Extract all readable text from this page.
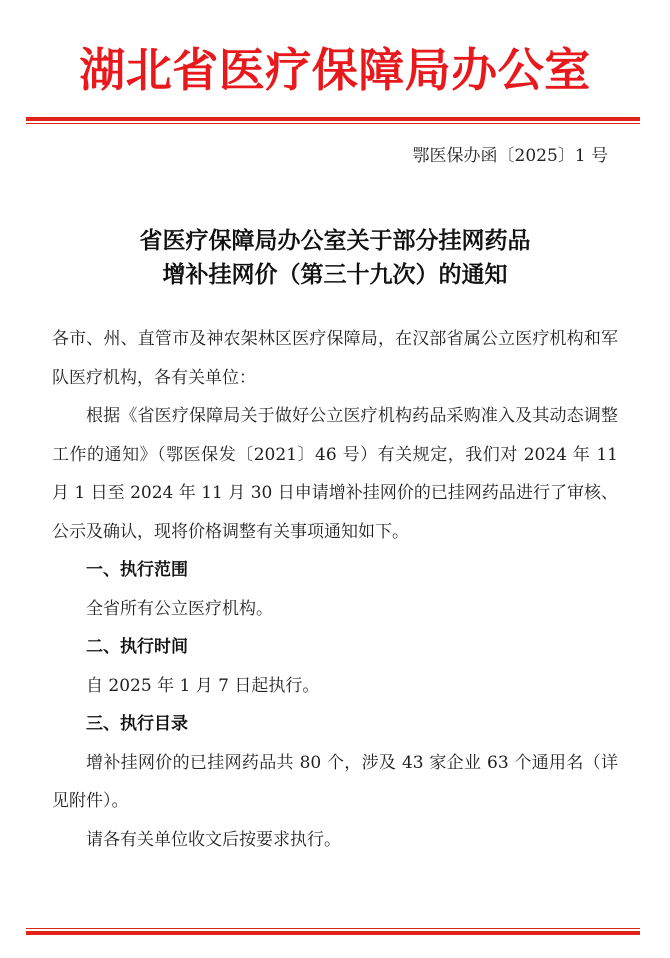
湖北省医疗保障局办公室
鄂医保办函〔2025〕1 号
省医疗保障局办公室关于部分挂网药品
增补挂网价（第三十九次）的通知

各市、州、直管市及神农架林区医疗保障局，在汉部省属公立医疗机构和军队医疗机构，各有关单位：

根据《省医疗保障局关于做好公立医疗机构药品采购准入及其动态调整工作的通知》（鄂医保发〔2021〕46 号）有关规定，我们对 2024 年 11 月 1 日至 2024 年 11 月 30 日申请增补挂网价的已挂网药品进行了审核、公示及确认，现将价格调整有关事项通知如下。

一、执行范围

全省所有公立医疗机构。

二、执行时间

自 2025 年 1 月 7 日起执行。

三、执行目录

增补挂网价的已挂网药品共 80 个，涉及 43 家企业 63 个通用名（详见附件）。

请各有关单位收文后按要求执行。
